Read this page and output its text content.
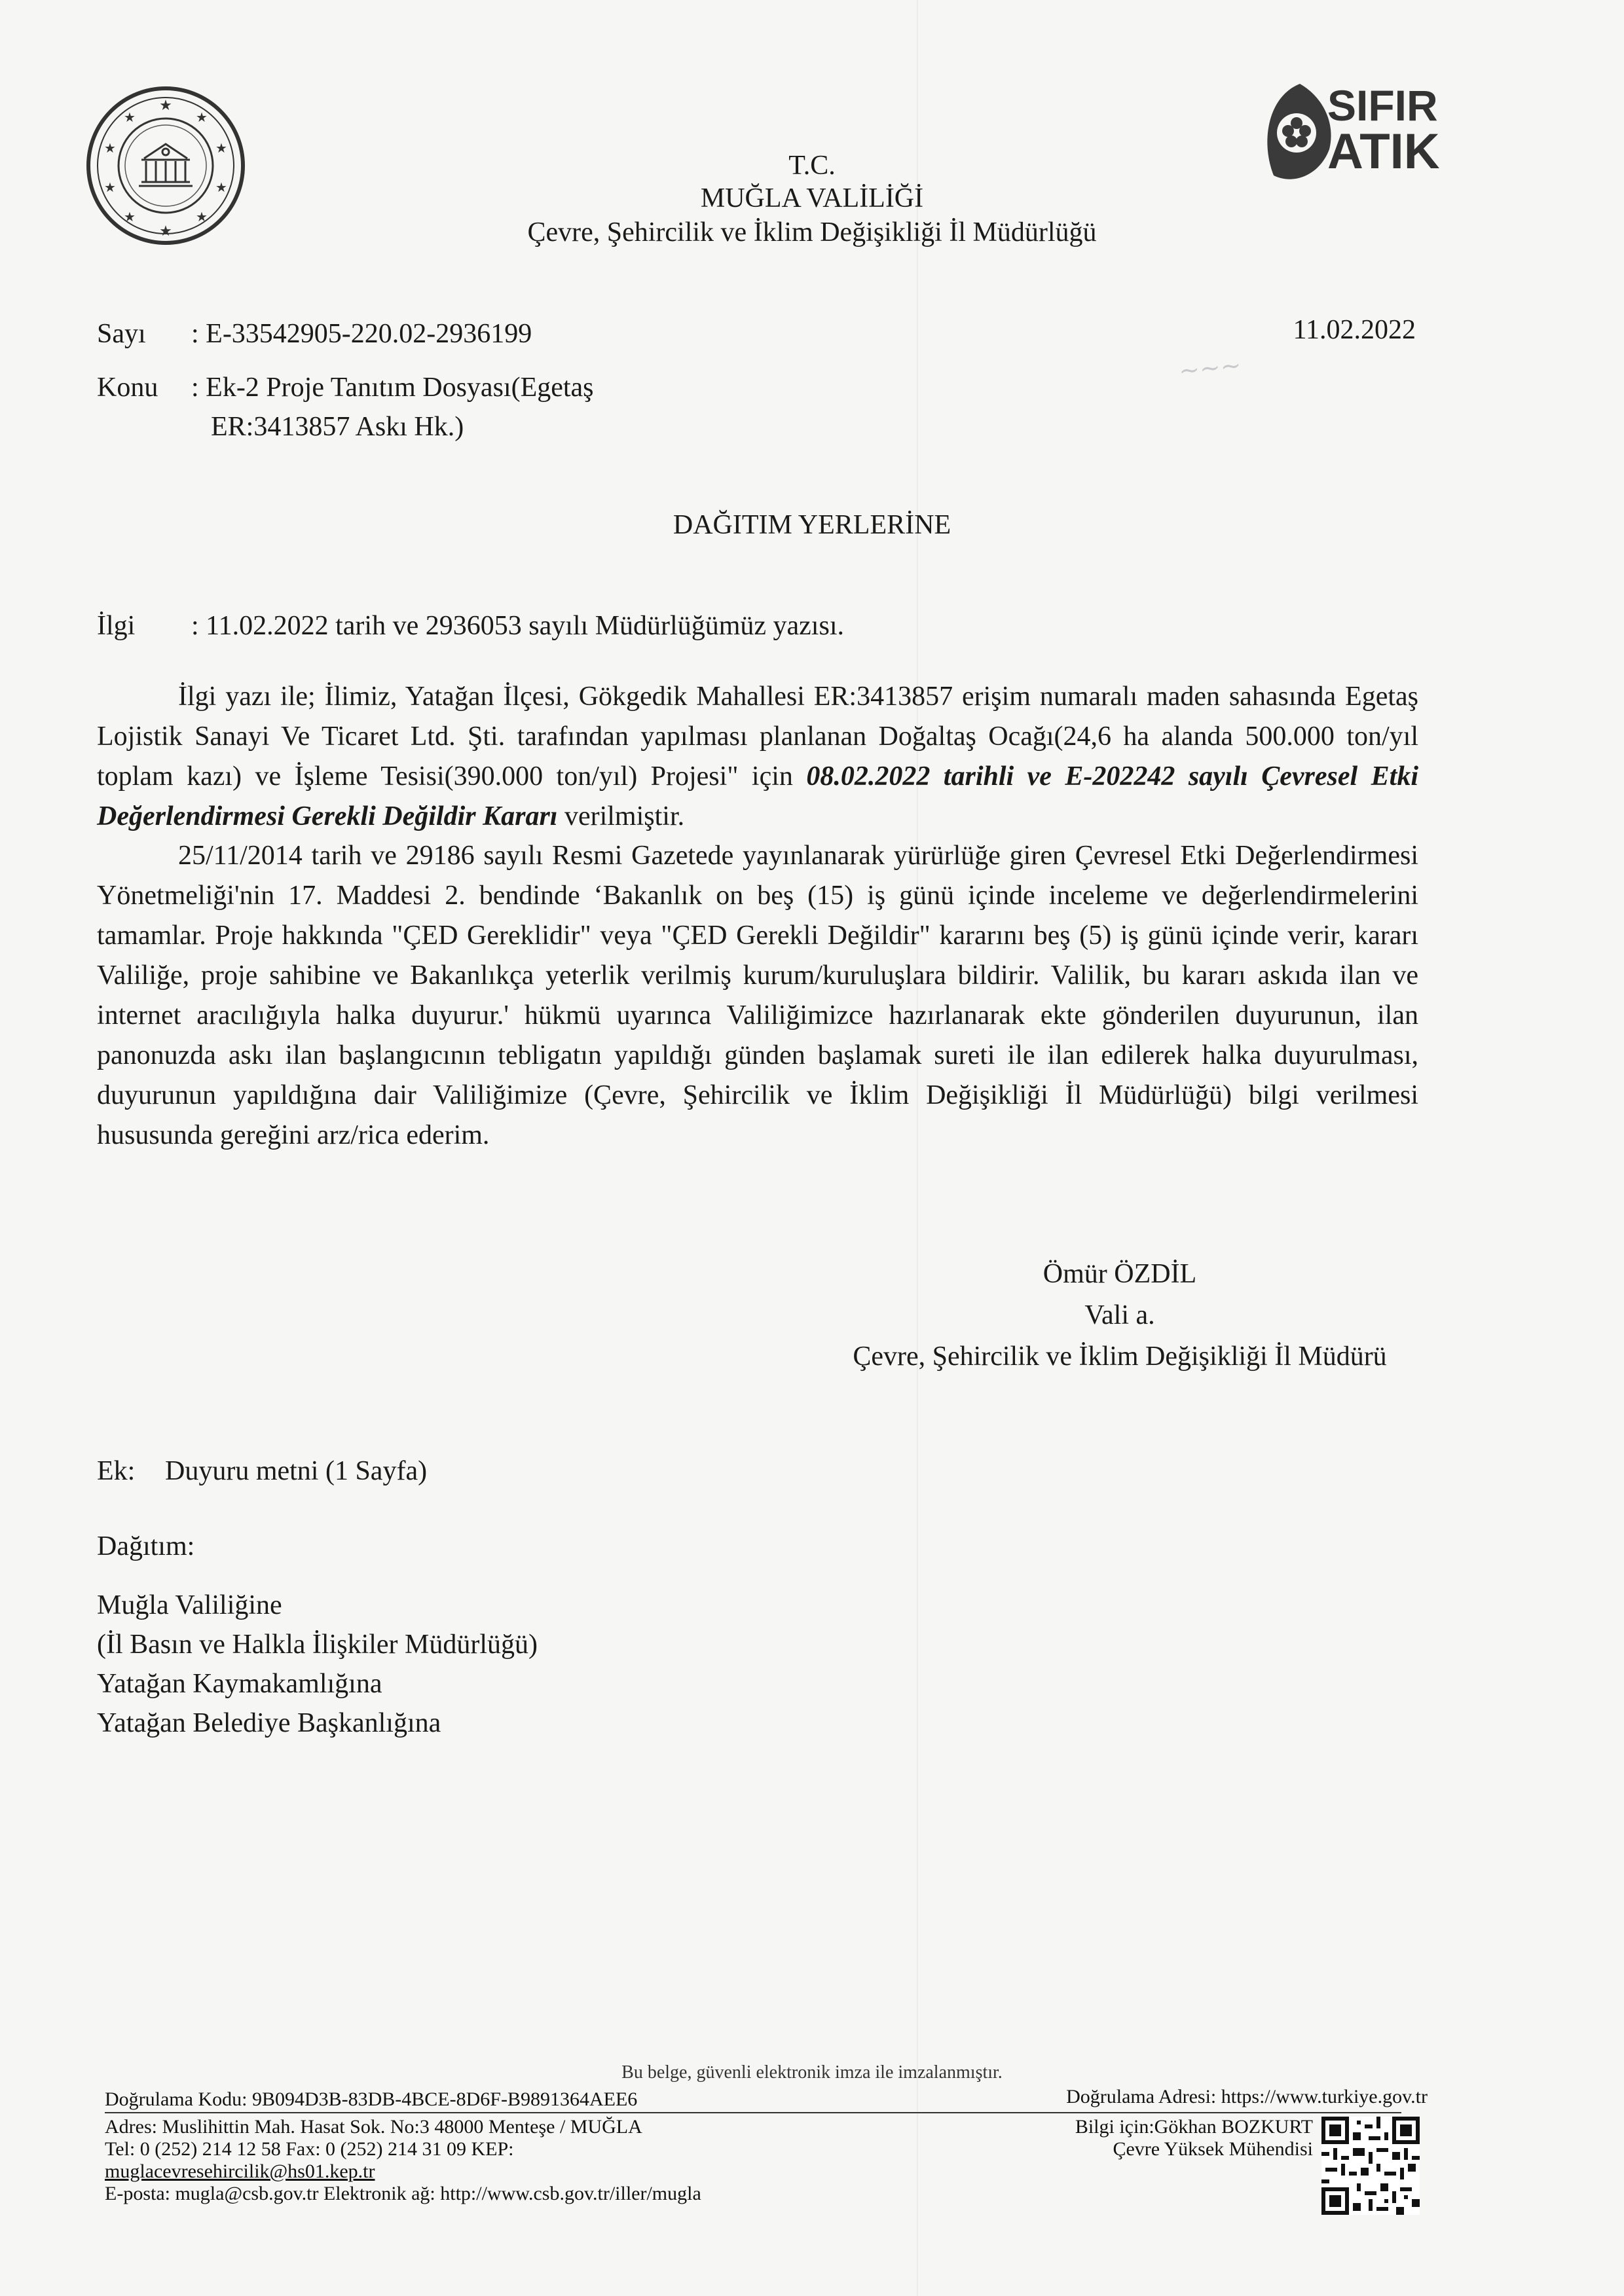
★
★	★
★	★
★	★
★	★
★
SIFIR
ATIK
T.C.
MUĞLA VALİLİĞİ
Çevre, Şehircilik ve İklim Değişikliği İl Müdürlüğü
Sayı : E-33542905-220.02-2936199	11.02.2022
Konu : Ek-2 Proje Tanıtım Dosyası(Egetaş
ER:3413857 Askı Hk.)
~~~
DAĞITIM YERLERİNE
İlgi : 11.02.2022 tarih ve 2936053 sayılı Müdürlüğümüz yazısı.

İlgi yazı ile; İlimiz, Yatağan İlçesi, Gökgedik Mahallesi ER:3413857 erişim numaralı maden sahasında Egetaş Lojistik Sanayi Ve Ticaret Ltd. Şti. tarafından yapılması planlanan Doğaltaş Ocağı(24,6 ha alanda 500.000 ton/yıl toplam kazı) ve İşleme Tesisi(390.000 ton/yıl) Projesi" için 08.02.2022 tarihli ve E-202242 sayılı Çevresel Etki Değerlendirmesi Gerekli Değildir Kararı verilmiştir.

25/11/2014 tarih ve 29186 sayılı Resmi Gazetede yayınlanarak yürürlüğe giren Çevresel Etki Değerlendirmesi Yönetmeliği'nin 17. Maddesi 2. bendinde ‘Bakanlık on beş (15) iş günü içinde inceleme ve değerlendirmelerini tamamlar. Proje hakkında "ÇED Gereklidir" veya "ÇED Gerekli Değildir" kararını beş (5) iş günü içinde verir, kararı Valiliğe, proje sahibine ve Bakanlıkça yeterlik verilmiş kurum/kuruluşlara bildirir. Valilik, bu kararı askıda ilan ve internet aracılığıyla halka duyurur.' hükmü uyarınca Valiliğimizce hazırlanarak ekte gönderilen duyurunun, ilan panonuzda askı ilan başlangıcının tebligatın yapıldığı günden başlamak sureti ile ilan edilerek halka duyurulması, duyurunun yapıldığına dair Valiliğimize (Çevre, Şehircilik ve İklim Değişikliği İl Müdürlüğü) bilgi verilmesi hususunda gereğini arz/rica ederim.

Ömür ÖZDİL
Vali a.
Çevre, Şehircilik ve İklim Değişikliği İl Müdürü
Ek: Duyuru metni (1 Sayfa)
Dağıtım:
Muğla Valiliğine
(İl Basın ve Halkla İlişkiler Müdürlüğü)
Yatağan Kaymakamlığına
Yatağan Belediye Başkanlığına
Bu belge, güvenli elektronik imza ile imzalanmıştır.
Doğrulama Kodu: 9B094D3B-83DB-4BCE-8D6F-B9891364AEE6	Doğrulama Adresi: https://www.turkiye.gov.tr
Adres: Muslihittin Mah. Hasat Sok. No:3 48000 Menteşe / MUĞLA
Tel: 0 (252) 214 12 58 Fax: 0 (252) 214 31 09 KEP:
muglacevresehircilik@hs01.kep.tr
E-posta: mugla@csb.gov.tr Elektronik ağ: http://www.csb.gov.tr/iller/mugla
Bilgi için:Gökhan BOZKURT
Çevre Yüksek Mühendisi
